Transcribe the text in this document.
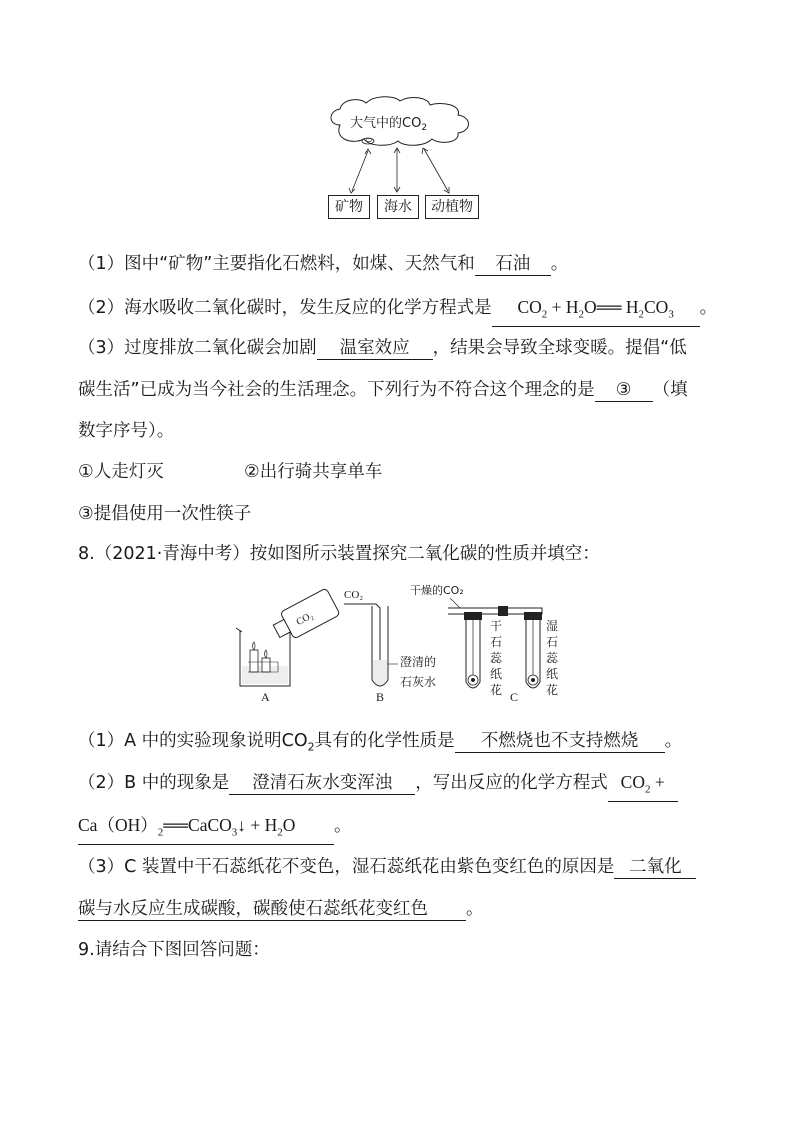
大气中的$CO_2$
矿物	海水	动植物
（1）图中“矿物”主要指化石燃料，如煤、天然气和 石油 。
（2）海水吸收二氧化碳时，发生反应的化学方程式是 $CO_2$ + $H_2O══$ $H_2CO_3$ 。
（3）过度排放二氧化碳会加剧 温室效应 ，结果会导致全球变暖。提倡“低
碳生活”已成为当今社会的生活理念。下列行为不符合这个理念的是 ③ （填
数字序号）。
①人走灯灭	②出行骑共享单车
③提倡使用一次性筷子
8.（2021·青海中考）按如图所示装置探究二氧化碳的性质并填空：
CO₂
A
CO₂
澄清的
石灰水
B
干燥的CO₂
干
石
蕊
纸
花
湿
石
蕊
纸
花
C
（1）A 中的实验现象说明$CO_2$具有的化学性质是 不燃烧也不支持燃烧 。
（2）B 中的现象是 澄清石灰水变浑浊 ，写出反应的化学方程式 $CO_2$ +
$Ca(OH)_2══CaCO_3↓ + H_2O$ 。
（3）C 装置中干石蕊纸花不变色，湿石蕊纸花由紫色变红色的原因是 二氧化
碳与水反应生成碳酸，碳酸使石蕊纸花变红色 。
9.请结合下图回答问题：
